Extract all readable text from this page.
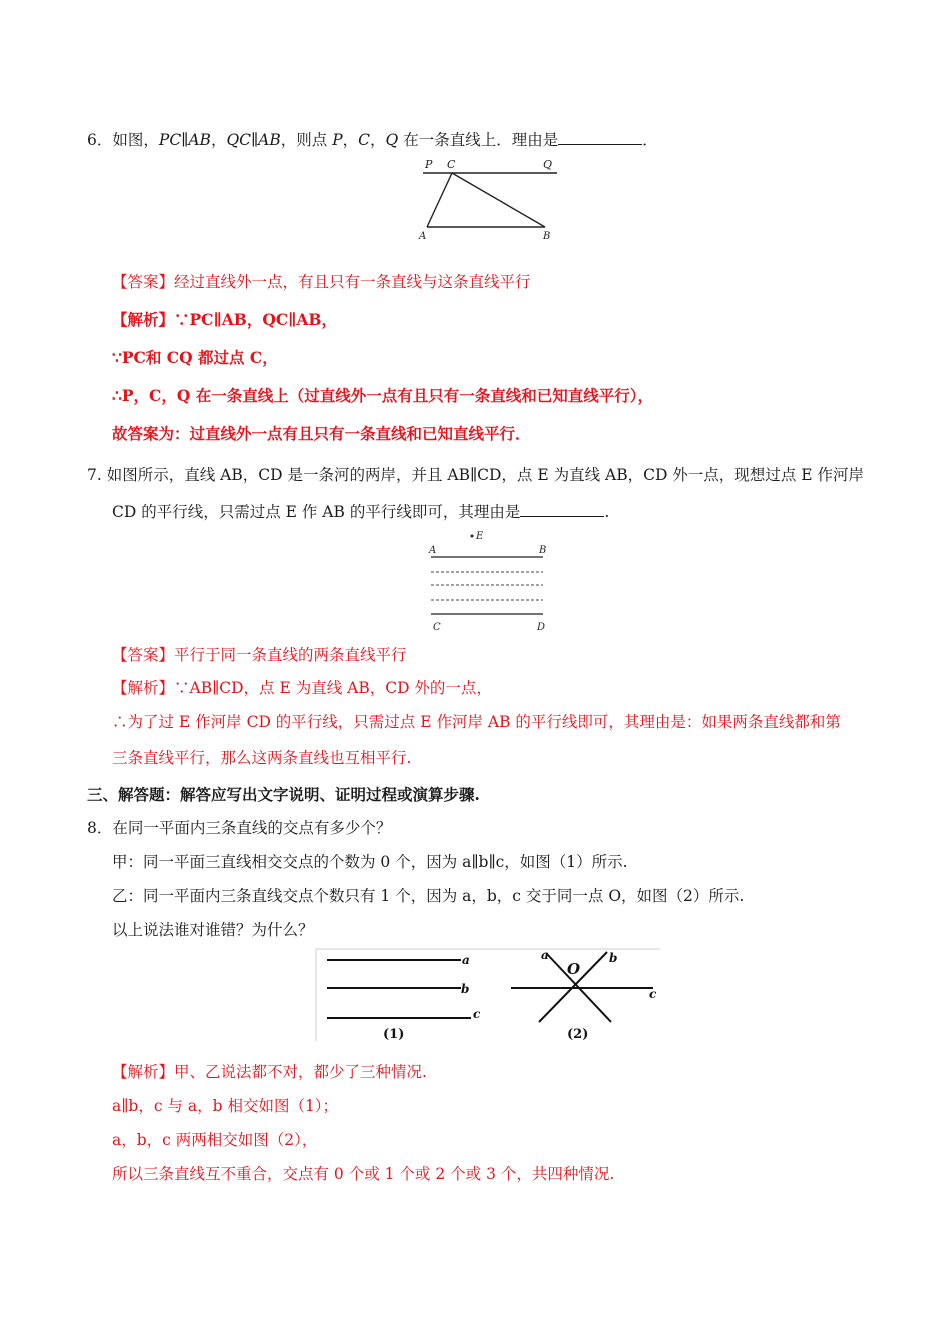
6．如图，PC∥AB，QC∥AB，则点 P，C，Q 在一条直线上．理由是	．
P C	Q
A	B
【答案】经过直线外一点，有且只有一条直线与这条直线平行
【解析】∵PC∥AB，QC∥AB，
∵PC和 CQ 都过点 C，
∴P，C，Q 在一条直线上（过直线外一点有且只有一条直线和已知直线平行），
故答案为：过直线外一点有且只有一条直线和已知直线平行．
7. 如图所示，直线 AB，CD 是一条河的两岸，并且 AB∥CD，点 E 为直线 AB，CD 外一点，现想过点 E 作河岸
CD 的平行线，只需过点 E 作 AB 的平行线即可，其理由是	.
E
A	B
C	D
【答案】平行于同一条直线的两条直线平行
【解析】∵AB∥CD，点 E 为直线 AB，CD 外的一点，
∴为了过 E 作河岸 CD 的平行线，只需过点 E 作河岸 AB 的平行线即可，其理由是：如果两条直线都和第
三条直线平行，那么这两条直线也互相平行.
三、解答题：解答应写出文字说明、证明过程或演算步骤.
8．在同一平面内三条直线的交点有多少个？
甲：同一平面三直线相交交点的个数为 0 个，因为 a∥b∥c，如图（1）所示.
乙：同一平面内三条直线交点个数只有 1 个，因为 a，b，c 交于同一点 O，如图（2）所示.
以上说法谁对谁错？为什么？
a
b
c
(1)
a	b
O
c
(2)
【解析】甲、乙说法都不对，都少了三种情况.
a∥b，c 与 a，b 相交如图（1）；
a，b，c 两两相交如图（2），
所以三条直线互不重合，交点有 0 个或 1 个或 2 个或 3 个，共四种情况.
